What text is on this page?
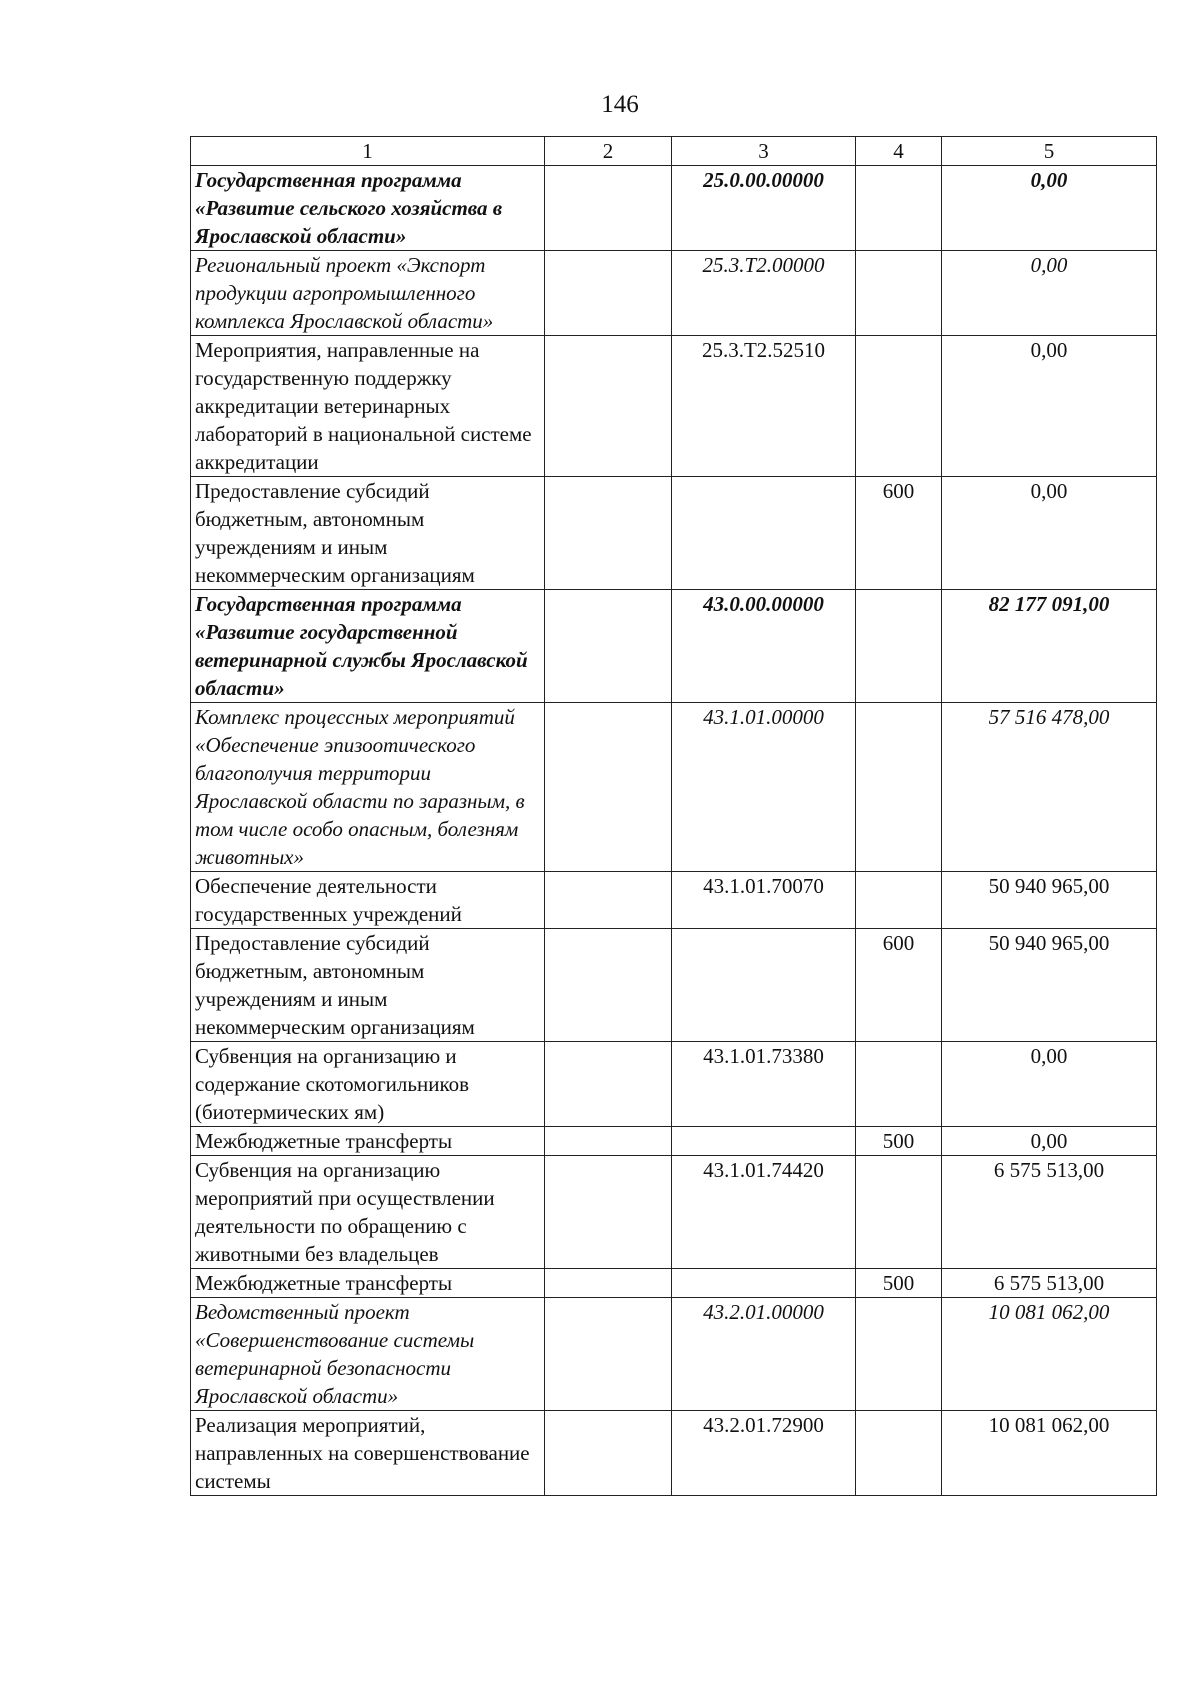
146
1	2	3	4	5
Государственная программа «Развитие сельского хозяйства в Ярославской области»		25.0.00.00000		0,00
Региональный проект «Экспорт продукции агропромышленного комплекса Ярославской области»		25.3.Т2.00000		0,00
Мероприятия, направленные на государственную поддержку аккредитации ветеринарных лабораторий в национальной системе аккредитации		25.3.Т2.52510		0,00
Предоставление субсидий бюджетным, автономным учреждениям и иным некоммерческим организациям			600	0,00
Государственная программа «Развитие государственной ветеринарной службы Ярославской области»		43.0.00.00000		82 177 091,00
Комплекс процессных мероприятий «Обеспечение эпизоотического благополучия территории Ярославской области по заразным, в том числе особо опасным, болезням животных»		43.1.01.00000		57 516 478,00
Обеспечение деятельности государственных учреждений		43.1.01.70070		50 940 965,00
Предоставление субсидий бюджетным, автономным учреждениям и иным некоммерческим организациям			600	50 940 965,00
Субвенция на организацию и содержание скотомогильников (биотермических ям)		43.1.01.73380		0,00
Межбюджетные трансферты			500	0,00
Субвенция на организацию мероприятий при осуществлении деятельности по обращению с животными без владельцев		43.1.01.74420		6 575 513,00
Межбюджетные трансферты			500	6 575 513,00
Ведомственный проект «Совершенствование системы ветеринарной безопасности Ярославской области»		43.2.01.00000		10 081 062,00
Реализация мероприятий, направленных на совершенствование системы		43.2.01.72900		10 081 062,00
